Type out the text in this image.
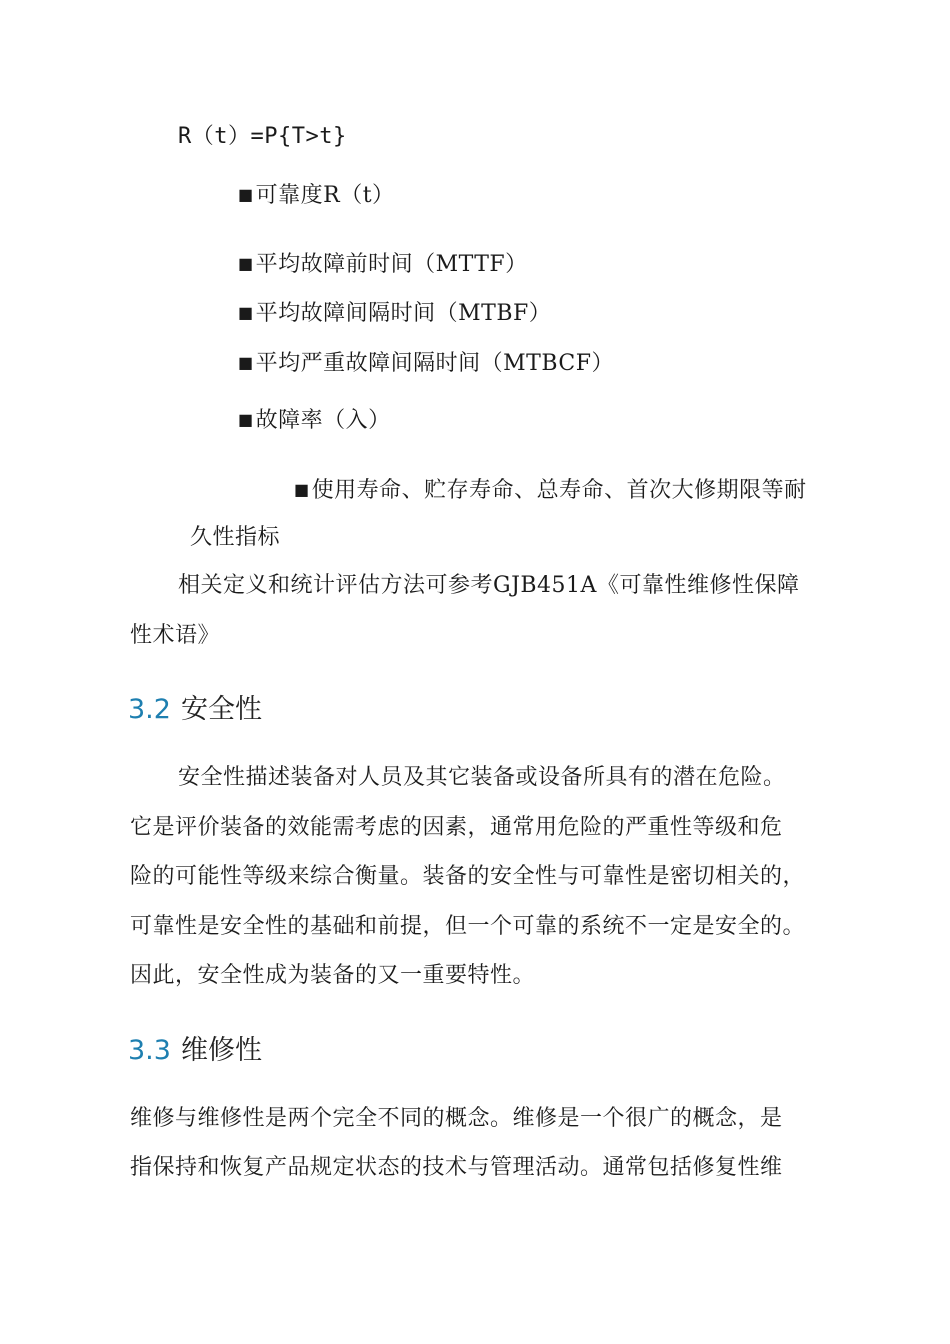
R（t）=P{T>t}
■可靠度R（t）
■平均故障前时间（MTTF）
■平均故障间隔时间（MTBF）
■平均严重故障间隔时间（MTBCF）
■故障率（入）
■使用寿命、贮存寿命、总寿命、首次大修期限等耐
久性指标
相关定义和统计评估方法可参考GJB451A《可靠性维修性保障
性术语》
3.2 安全性
安全性描述装备对人员及其它装备或设备所具有的潜在危险。
它是评价装备的效能需考虑的因素，通常用危险的严重性等级和危
险的可能性等级来综合衡量。装备的安全性与可靠性是密切相关的，
可靠性是安全性的基础和前提，但一个可靠的系统不一定是安全的。
因此，安全性成为装备的又一重要特性。
3.3 维修性
维修与维修性是两个完全不同的概念。维修是一个很广的概念，是
指保持和恢复产品规定状态的技术与管理活动。通常包括修复性维
